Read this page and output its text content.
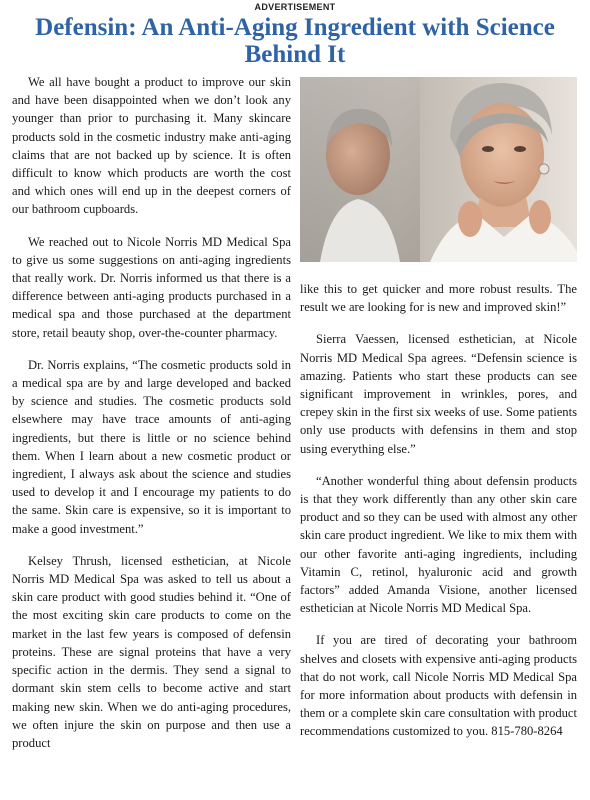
ADVERTISEMENT
Defensin: An Anti-Aging Ingredient with Science Behind It

We all have bought a product to improve our skin and have been disappointed when we don’t look any younger than prior to purchasing it. Many skincare products sold in the cosmetic industry make anti-aging claims that are not backed up by science. It is often difficult to know which products are worth the cost and which ones will end up in the deepest corners of our bathroom cupboards.

We reached out to Nicole Norris MD Medical Spa to give us some suggestions on anti-aging ingredients that really work. Dr. Norris informed us that there is a difference between anti-aging products purchased in a medical spa and those purchased at the department store, retail beauty shop, over-the-counter pharmacy.

Dr. Norris explains, “The cosmetic products sold in a medical spa are by and large developed and backed by science and studies. The cosmetic products sold elsewhere may have trace amounts of anti-aging ingredients, but there is little or no science behind them. When I learn about a new cosmetic product or ingredient, I always ask about the science and studies used to develop it and I encourage my patients to do the same. Skin care is expensive, so it is important to make a good investment.”

Kelsey Thrush, licensed esthetician, at Nicole Norris MD Medical Spa was asked to tell us about a skin care product with good studies behind it. “One of the most exciting skin care products to come on the market in the last few years is composed of defensin proteins. These are signal proteins that have a very specific action in the dermis. They send a signal to dormant skin stem cells to become active and start making new skin. When we do anti-aging procedures, we often injure the skin on purpose and then use a product

like this to get quicker and more robust results. The result we are looking for is new and improved skin!”

Sierra Vaessen, licensed esthetician, at Nicole Norris MD Medical Spa agrees. “Defensin science is amazing. Patients who start these products can see significant improvement in wrinkles, pores, and crepey skin in the first six weeks of use. Some patients only use products with defensins in them and stop using everything else.”

“Another wonderful thing about defensin products is that they work differently than any other skin care product and so they can be used with almost any other skin care product ingredient. We like to mix them with our other favorite anti-aging ingredients, including Vitamin C, retinol, hyaluronic acid and growth factors” added Amanda Visione, another licensed esthetician at Nicole Norris MD Medical Spa.

If you are tired of decorating your bathroom shelves and closets with expensive anti-aging products that do not work, call Nicole Norris MD Medical Spa for more information about products with defensin in them or a complete skin care consultation with product recommendations customized to you. 815-780-8264
